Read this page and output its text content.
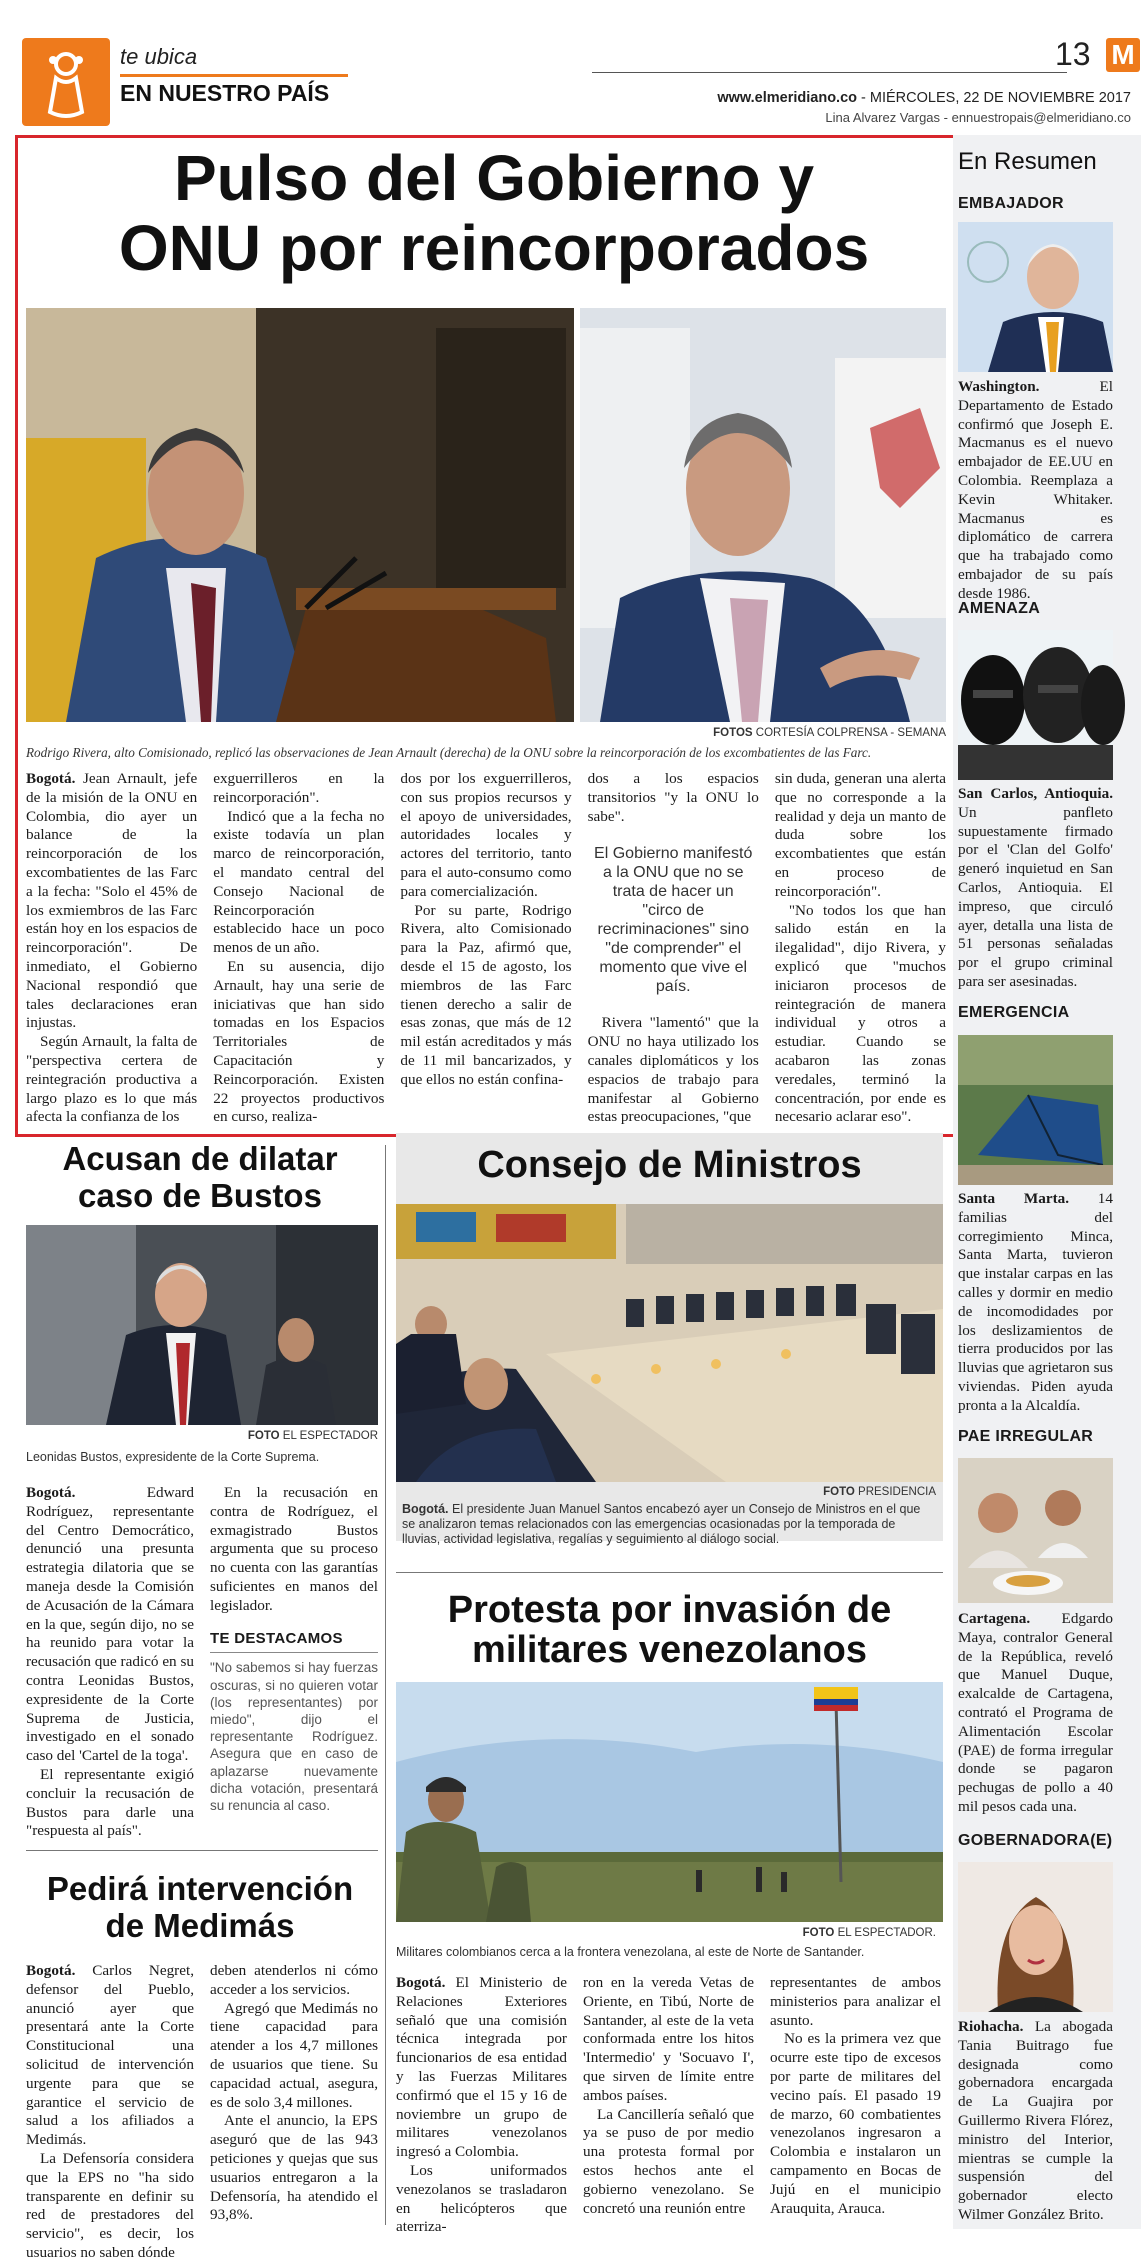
te ubica
EN NUESTRO PAÍS
13 M
www.elmeridiano.co - MIÉRCOLES, 22 DE NOVIEMBRE 2017
Lina Alvarez Vargas - ennuestropais@elmeridiano.co
Pulso del Gobierno y
ONU por reincorporados
FOTOS CORTESÍA COLPRENSA - SEMANA
Rodrigo Rivera, alto Comisionado, replicó las observaciones de Jean Arnault (derecha) de la ONU sobre la reincorporación de los excombatientes de las Farc.

Bogotá. Jean Arnault, jefe de la misión de la ONU en Colombia, dio ayer un balance de la reincorporación de los excombatientes de las Farc a la fecha: "Solo el 45% de los exmiembros de las Farc están hoy en los espacios de reincorporación". De inmediato, el Gobierno Nacional respondió que tales declaraciones eran injustas.

Según Arnault, la falta de "perspectiva certera de reintegración productiva a largo plazo es lo que más afecta la confianza de los

exguerrilleros en la reincorporación".

Indicó que a la fecha no existe todavía un plan marco de reincorporación, el mandato central del Consejo Nacional de Reincorporación establecido hace un poco menos de un año.

En su ausencia, dijo Arnault, hay una serie de iniciativas que han sido tomadas en los Espacios Territoriales de Capacitación y Reincorporación. Existen 22 proyectos productivos en curso, realiza-

dos por los exguerrilleros, con sus propios recursos y el apoyo de universidades, autoridades locales y actores del territorio, tanto para el auto-consumo como para comercialización.

Por su parte, Rodrigo Rivera, alto Comisionado para la Paz, afirmó que, desde el 15 de agosto, los miembros de las Farc tienen derecho a salir de esas zonas, que más de 12 mil están acreditados y más de 11 mil bancarizados, y que ellos no están confina-

dos a los espacios transitorios "y la ONU lo sabe".

El Gobierno manifestó a la ONU que no se trata de hacer un "circo de recriminaciones" sino "de comprender" el momento que vive el país.

Rivera "lamentó" que la ONU no haya utilizado los canales diplomáticos y los espacios de trabajo para manifestar al Gobierno estas preocupaciones, "que

sin duda, generan una alerta que no corresponde a la realidad y deja un manto de duda sobre los excombatientes que están en proceso de reincorporación".

"No todos los que han salido están en la ilegalidad", dijo Rivera, y explicó que "muchos iniciaron procesos de reintegración de manera individual y otros a estudiar. Cuando se acabaron las zonas veredales, terminó la concentración, por ende es necesario aclarar eso".

En Resumen
EMBAJADOR
Washington. El Departamento de Estado confirmó que Joseph E. Macmanus es el nuevo embajador de EE.UU en Colombia. Reemplaza a Kevin Whitaker. Macmanus es diplomático de carrera que ha trabajado como embajador de su país desde 1986.
AMENAZA
San Carlos, Antioquia. Un panfleto supuestamente firmado por el 'Clan del Golfo' generó inquietud en San Carlos, Antioquia. El impreso, que circuló ayer, detalla una lista de 51 personas señaladas por el grupo criminal para ser asesinadas.
EMERGENCIA
Santa Marta. 14 familias del corregimiento Minca, Santa Marta, tuvieron que instalar carpas en las calles y dormir en medio de incomodidades por los deslizamientos de tierra producidos por las lluvias que agrietaron sus viviendas. Piden ayuda pronta a la Alcaldía.
PAE IRREGULAR
Cartagena. Edgardo Maya, contralor General de la República, reveló que Manuel Duque, exalcalde de Cartagena, contrató el Programa de Alimentación Escolar (PAE) de forma irregular donde se pagaron pechugas de pollo a 40 mil pesos cada una.
GOBERNADORA(E)
Riohacha. La abogada Tania Buitrago fue designada como gobernadora encargada de La Guajira por Guillermo Rivera Flórez, ministro del Interior, mientras se cumple la suspensión del gobernador electo Wilmer González Brito.
Acusan de dilatar
caso de Bustos
FOTO EL ESPECTADOR
Leonidas Bustos, expresidente de la Corte Suprema.

Bogotá. Edward Rodríguez, representante del Centro Democrático, denunció una presunta estrategia dilatoria que se maneja desde la Comisión de Acusación de la Cámara en la que, según dijo, no se ha reunido para votar la recusación que radicó en su contra Leonidas Bustos, expresidente de la Corte Suprema de Justicia, investigado en el sonado caso del 'Cartel de la toga'.

El representante exigió concluir la recusación de Bustos para darle una "respuesta al país".

En la recusación en contra de Rodríguez, el exmagistrado Bustos argumenta que su proceso no cuenta con las garantías suficientes en manos del legislador.

TE DESTACAMOS
"No sabemos si hay fuerzas oscuras, si no quieren votar (los representantes) por miedo", dijo el representante Rodríguez. Asegura que en caso de aplazarse nuevamente dicha votación, presentará su renuncia al caso.
Pedirá intervención
de Medimás

Bogotá. Carlos Negret, defensor del Pueblo, anunció ayer que presentará ante la Corte Constitucional una solicitud de intervención urgente para que se garantice el servicio de salud a los afiliados a Medimás.

La Defensoría considera que la EPS no "ha sido transparente en definir su red de prestadores del servicio", es decir, los usuarios no saben dónde

deben atenderlos ni cómo acceder a los servicios.

Agregó que Medimás no tiene capacidad para atender a los 4,7 millones de usuarios que tiene. Su capacidad actual, asegura, es de solo 3,4 millones.

Ante el anuncio, la EPS aseguró que de las 943 peticiones y quejas que sus usuarios entregaron a la Defensoría, ha atendido el 93,8%.

Consejo de Ministros
FOTO PRESIDENCIA
Bogotá. El presidente Juan Manuel Santos encabezó ayer un Consejo de Ministros en el que se analizaron temas relacionados con las emergencias ocasionadas por la temporada de lluvias, actividad legislativa, regalías y seguimiento al diálogo social.
Protesta por invasión de
militares venezolanos
FOTO EL ESPECTADOR.
Militares colombianos cerca a la frontera venezolana, al este de Norte de Santander.

Bogotá. El Ministerio de Relaciones Exteriores señaló que una comisión técnica integrada por funcionarios de esa entidad y las Fuerzas Militares confirmó que el 15 y 16 de noviembre un grupo de militares venezolanos ingresó a Colombia.

Los uniformados venezolanos se trasladaron en helicópteros que aterriza-

ron en la vereda Vetas de Oriente, en Tibú, Norte de Santander, al este de la veta conformada entre los hitos 'Intermedio' y 'Socuavo I', que sirven de límite entre ambos países.

La Cancillería señaló que ya se puso de por medio una protesta formal por estos hechos ante el gobierno venezolano. Se concretó una reunión entre

representantes de ambos ministerios para analizar el asunto.

No es la primera vez que ocurre este tipo de excesos por parte de militares del vecino país. El pasado 19 de marzo, 60 combatientes venezolanos ingresaron a Colombia e instalaron un campamento en Bocas de Jujú en el municipio Arauquita, Arauca.
